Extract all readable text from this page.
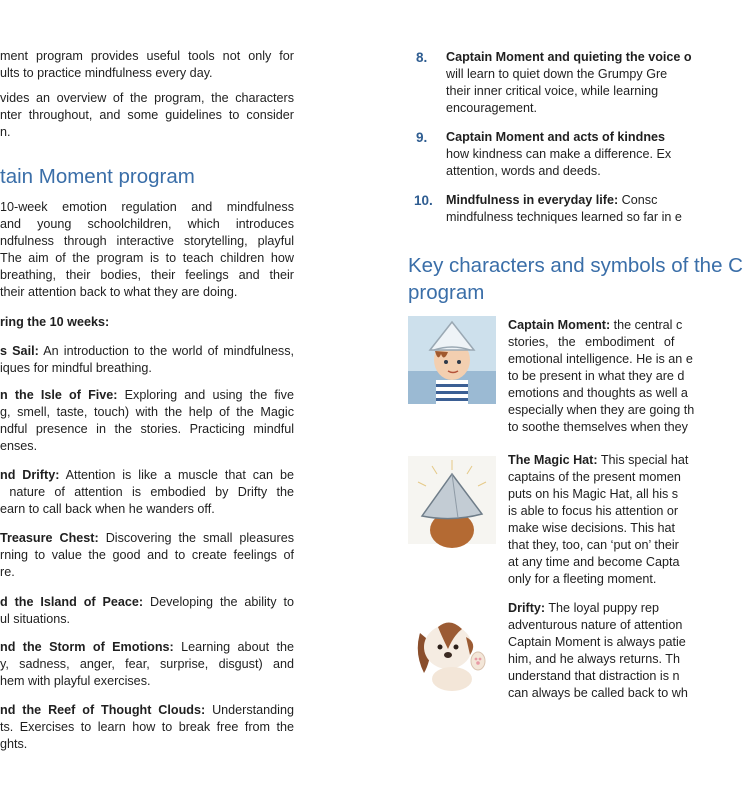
ment program provides useful tools not only for
ults to practice mindfulness every day.
vides an overview of the program, the characters
nter throughout, and some guidelines to consider
n.
tain Moment program
10-week emotion regulation and mindfulness
and young schoolchildren, which introduces
ndfulness through interactive storytelling, playful
The aim of the program is to teach children how
breathing, their bodies, their feelings and their
their attention back to what they are doing.
ring the 10 weeks:
s Sail: An introduction to the world of mindfulness,
iques for mindful breathing.
n the Isle of Five: Exploring and using the five
g, smell, taste, touch) with the help of the Magic
ndful presence in the stories. Practicing mindful
enses.
nd Drifty: Attention is like a muscle that can be
nature of attention is embodied by Drifty the
earn to call back when he wanders off.
Treasure Chest: Discovering the small pleasures
rning to value the good and to create feelings of
re.
d the Island of Peace: Developing the ability to
ul situations.
nd the Storm of Emotions: Learning about the
y, sadness, anger, fear, surprise, disgust) and
hem with playful exercises.
nd the Reef of Thought Clouds: Understanding
ts. Exercises to learn how to break free from the
ghts.
8. Captain Moment and quieting the voice o
will learn to quiet down the Grumpy Gre
their inner critical voice, while learning
encouragement.
9. Captain Moment and acts of kindnes
how kindness can make a difference. Ex
attention, words and deeds.
10. Mindfulness in everyday life: Consc
mindfulness techniques learned so far in e
Key characters and symbols of the C
program
Captain Moment: the central c
stories, the embodiment of
emotional intelligence. He is an e
to be present in what they are d
emotions and thoughts as well a
especially when they are going th
to soothe themselves when they
The Magic Hat: This special hat
captains of the present momen
puts on his Magic Hat, all his s
is able to focus his attention or
make wise decisions. This hat
that they, too, can ‘put on’ their
at any time and become Capta
only for a fleeting moment.
Drifty: The loyal puppy rep
adventurous nature of attention
Captain Moment is always patie
him, and he always returns. Th
understand that distraction is n
can always be called back to wh
